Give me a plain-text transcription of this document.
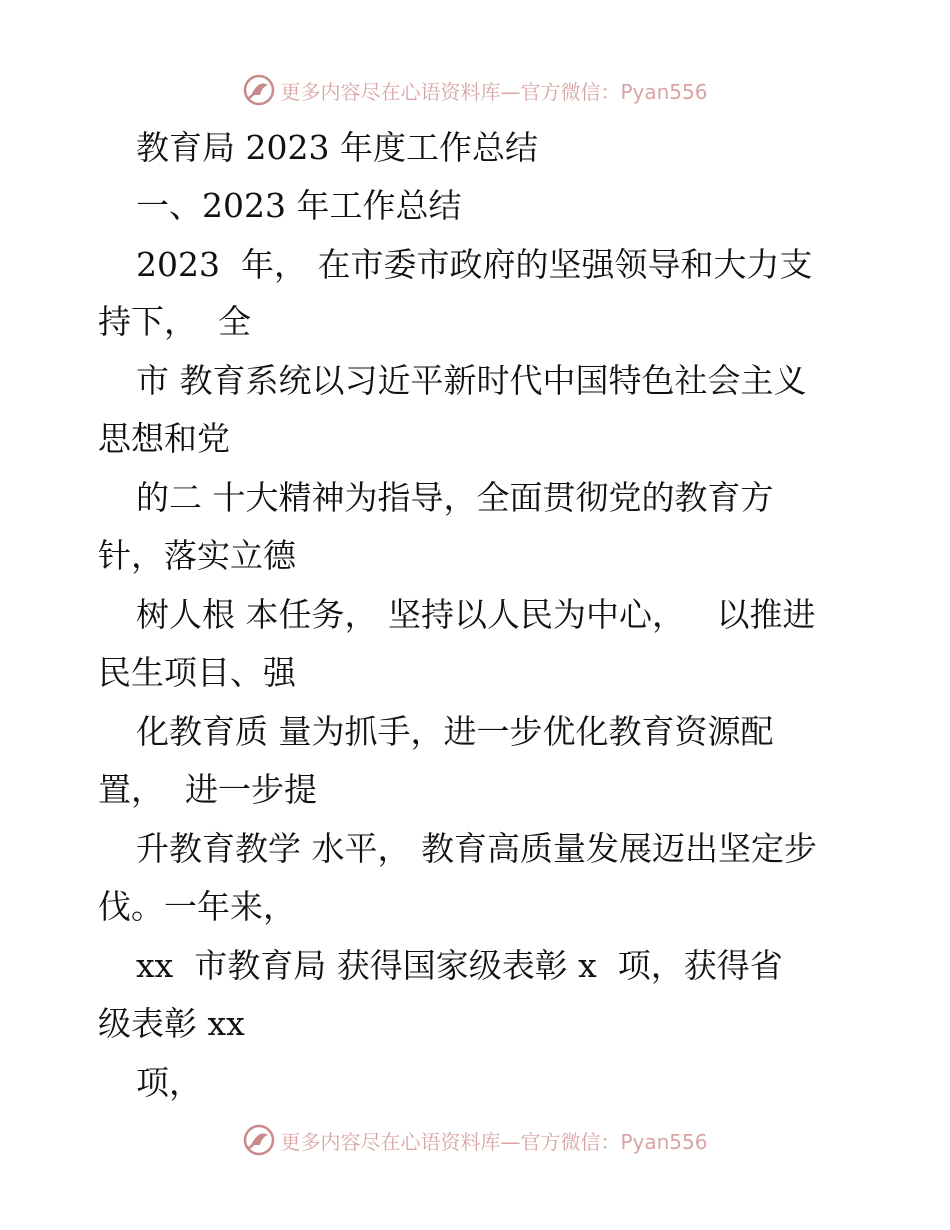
更多内容尽在心语资料库—官方微信：Pyan556
教育局 2023 年度工作总结
一、2023 年工作总结
2023  年， 在市委市政府的坚强领导和大力支
持下，  全
市 教育系统以习近平新时代中国特色社会主义
思想和党
的二 十大精神为指导，全面贯彻党的教育方
针，落实立德
树人根 本任务， 坚持以人民为中心，   以推进
民生项目、强
化教育质 量为抓手，进一步优化教育资源配
置，  进一步提
升教育教学 水平， 教育高质量发展迈出坚定步
伐。一年来，
xx  市教育局 获得国家级表彰 x  项，获得省
级表彰 xx
项，
更多内容尽在心语资料库—官方微信：Pyan556
